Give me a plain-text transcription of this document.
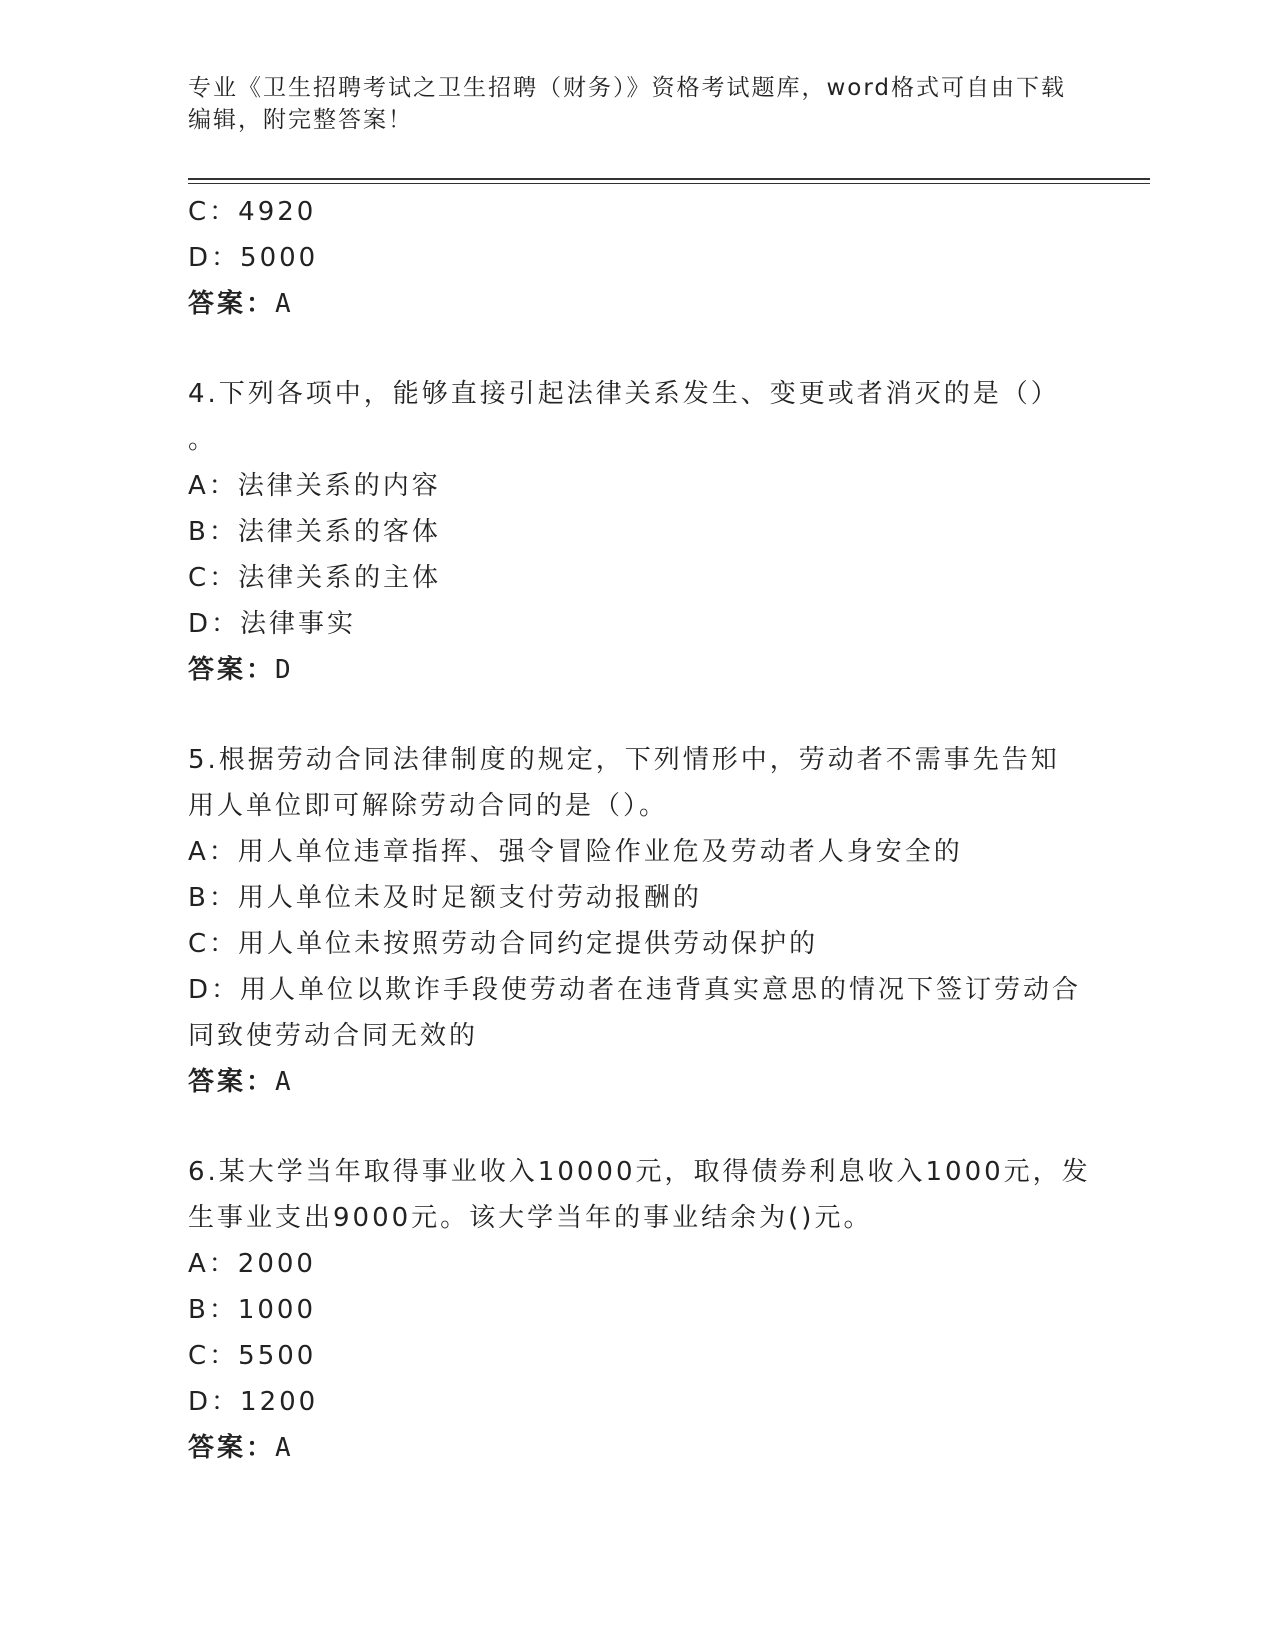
专业《卫生招聘考试之卫生招聘（财务）》资格考试题库，word格式可自由下载编辑，附完整答案！
C：4920
D：5000
答案：A
4.下列各项中，能够直接引起法律关系发生、变更或者消灭的是（）
。
A：法律关系的内容
B：法律关系的客体
C：法律关系的主体
D：法律事实
答案：D
5.根据劳动合同法律制度的规定，下列情形中，劳动者不需事先告知
用人单位即可解除劳动合同的是（）。
A：用人单位违章指挥、强令冒险作业危及劳动者人身安全的
B：用人单位未及时足额支付劳动报酬的
C：用人单位未按照劳动合同约定提供劳动保护的
D：用人单位以欺诈手段使劳动者在违背真实意思的情况下签订劳动合
同致使劳动合同无效的
答案：A
6.某大学当年取得事业收入10000元，取得债券利息收入1000元，发
生事业支出9000元。该大学当年的事业结余为()元。
A：2000
B：1000
C：5500
D：1200
答案：A
